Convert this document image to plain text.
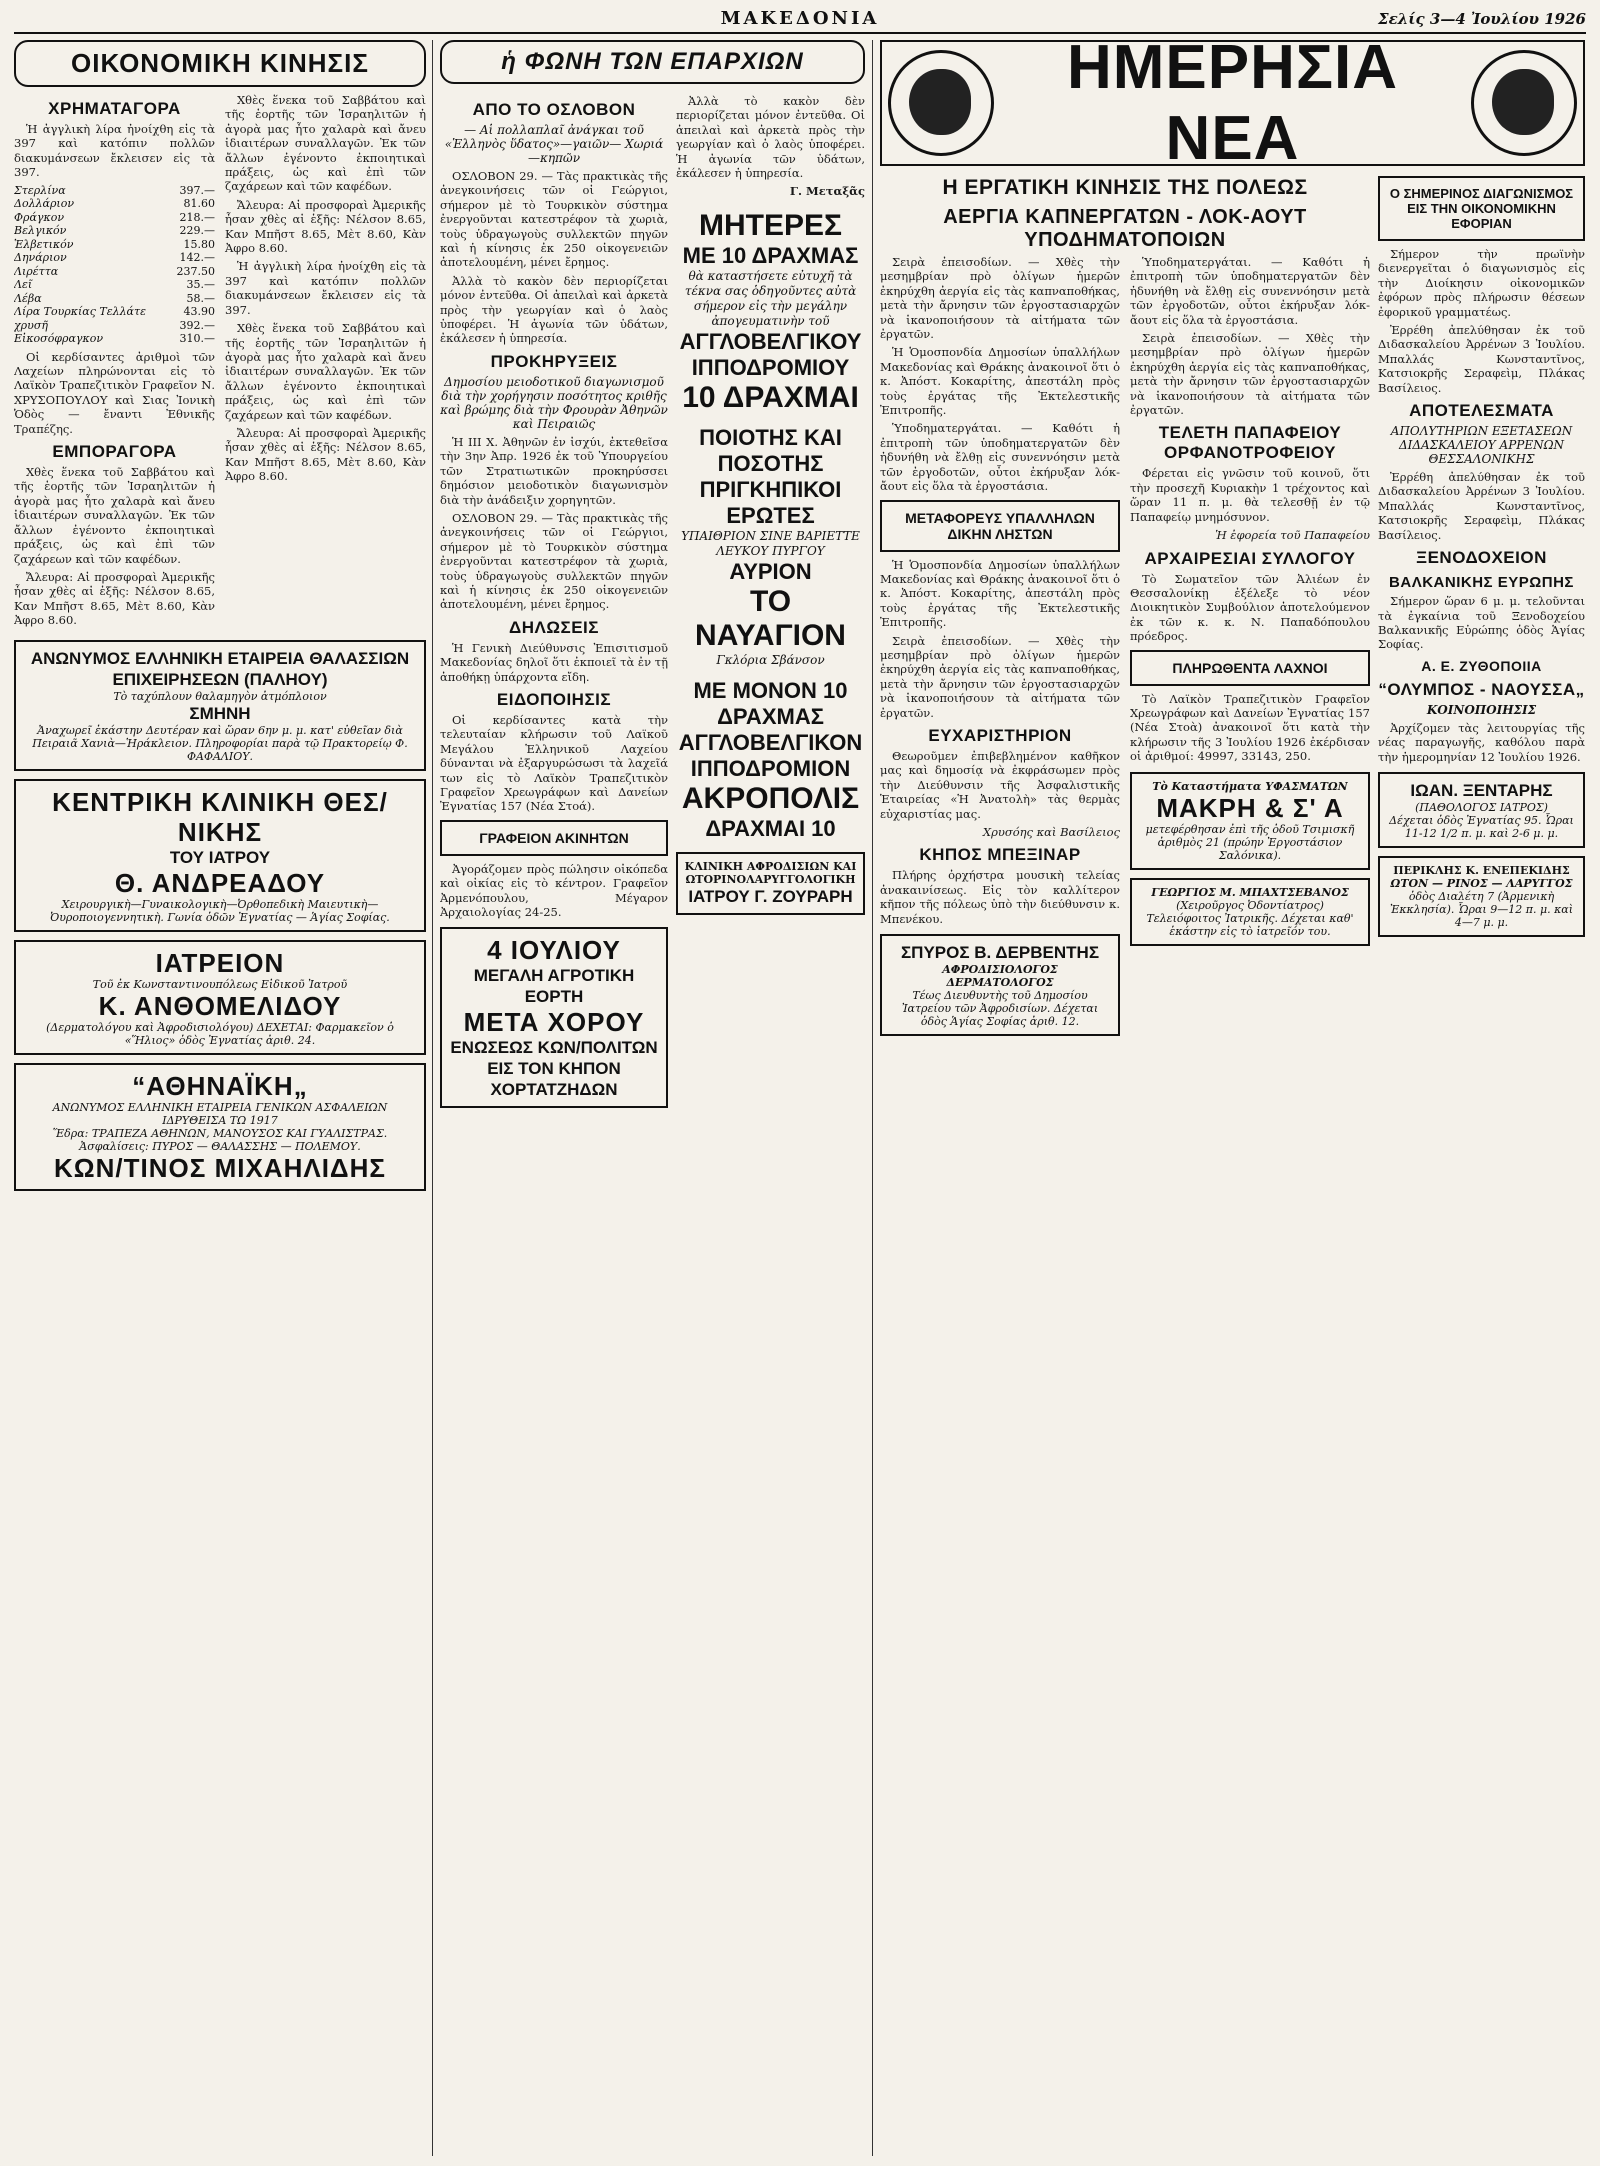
ΜΑΚΕΔΟΝΙΑ	Σελίς 3—4 Ἰουλίου 1926
ΟΙΚΟΝΟΜΙΚΗ ΚΙΝΗΣΙΣ
ΧΡΗΜΑΤΑΓΟΡΑ

Ἡ ἀγγλικὴ λίρα ἠνοίχθη εἰς τὰ 397 καὶ κατόπιν πολλῶν διακυμάνσεων ἔκλεισεν εἰς τὰ 397.

Στερλίνα	397.—
Δολλάριον	81.60
Φράγκον	218.—
Βελγικόν	229.—
Ἑλβετικόν	15.80
Δηνάριον	142.—
Λιρέττα	237.50
Λεῖ	35.—
Λέβα	58.—
Λίρα Τουρκίας Τελλάτε	43.90
χρυσῆ	392.—
Εἰκοσόφραγκον	310.—

Οἱ κερδίσαντες ἀριθμοὶ τῶν Λαχείων πληρώνονται εἰς τὸ Λαϊκὸν Τραπεζιτικὸν Γραφεῖον Ν. ΧΡΥΣΟΠΟΥΛΟΥ καὶ Σιας Ἰονικὴ Ὁδὸς — ἔναντι Ἐθνικῆς Τραπέζης.

ΕΜΠΟΡΑΓΟΡΑ

Χθὲς ἕνεκα τοῦ Σαββάτου καὶ τῆς ἑορτῆς τῶν Ἰσραηλιτῶν ἡ ἀγορὰ μας ἦτο χαλαρὰ καὶ ἄνευ ἰδιαιτέρων συναλλαγῶν. Ἐκ τῶν ἄλλων ἐγένοντο ἐκποιητικαὶ πράξεις, ὡς καὶ ἐπὶ τῶν ζαχάρεων καὶ τῶν καφέδων.

Ἄλευρα: Αἱ προσφοραὶ Ἀμερικῆς ἦσαν χθὲς αἱ ἑξῆς: Νέλσον 8.65, Καν Μπῆστ 8.65, Μὲτ 8.60, Κὰν Ἀφρο 8.60.

Χθὲς ἕνεκα τοῦ Σαββάτου καὶ τῆς ἑορτῆς τῶν Ἰσραηλιτῶν ἡ ἀγορὰ μας ἦτο χαλαρὰ καὶ ἄνευ ἰδιαιτέρων συναλλαγῶν. Ἐκ τῶν ἄλλων ἐγένοντο ἐκποιητικαὶ πράξεις, ὡς καὶ ἐπὶ τῶν ζαχάρεων καὶ τῶν καφέδων.

Ἄλευρα: Αἱ προσφοραὶ Ἀμερικῆς ἦσαν χθὲς αἱ ἑξῆς: Νέλσον 8.65, Καν Μπῆστ 8.65, Μὲτ 8.60, Κὰν Ἀφρο 8.60.

Ἡ ἀγγλικὴ λίρα ἠνοίχθη εἰς τὰ 397 καὶ κατόπιν πολλῶν διακυμάνσεων ἔκλεισεν εἰς τὰ 397.

Χθὲς ἕνεκα τοῦ Σαββάτου καὶ τῆς ἑορτῆς τῶν Ἰσραηλιτῶν ἡ ἀγορὰ μας ἦτο χαλαρὰ καὶ ἄνευ ἰδιαιτέρων συναλλαγῶν. Ἐκ τῶν ἄλλων ἐγένοντο ἐκποιητικαὶ πράξεις, ὡς καὶ ἐπὶ τῶν ζαχάρεων καὶ τῶν καφέδων.

Ἄλευρα: Αἱ προσφοραὶ Ἀμερικῆς ἦσαν χθὲς αἱ ἑξῆς: Νέλσον 8.65, Καν Μπῆστ 8.65, Μὲτ 8.60, Κὰν Ἀφρο 8.60.

ΑΝΩΝΥΜΟΣ ΕΛΛΗΝΙΚΗ ΕΤΑΙΡΕΙΑ ΘΑΛΑΣΣΙΩΝ ΕΠΙΧΕΙΡΗΣΕΩΝ (ΠΑΛΗΟΥ)
Τὸ ταχύπλουν θαλαμηγὸν ἀτμόπλοιον
ΣΜΗΝΗ
Ἀναχωρεῖ ἑκάστην Δευτέραν καὶ ὥραν 6ην μ. μ. κατ' εὐθεῖαν διὰ Πειραιᾶ Χανιὰ—Ἡράκλειον. Πληροφορίαι παρὰ τῷ Πρακτορείῳ Φ. ΦΑΦΑΛΙΟΥ.
ΚΕΝΤΡΙΚΗ ΚΛΙΝΙΚΗ ΘΕΣ/ΝΙΚΗΣ
ΤΟΥ ΙΑΤΡΟΥ
Θ. ΑΝΔΡΕΑΔΟΥ
Χειρουργικὴ—Γυναικολογικὴ—Ὀρθοπεδικὴ Μαιευτικὴ—Ὀυροποιογεννητικὴ. Γωνία ὁδῶν Ἐγνατίας — Ἁγίας Σοφίας.
ΙΑΤΡΕΙΟΝ
Τοῦ ἐκ Κωνσταντινουπόλεως Εἰδικοῦ Ἰατροῦ
Κ. ΑΝΘΟΜΕΛΙΔΟΥ
(Δερματολόγου καὶ Ἀφροδισιολόγου) ΔΕΧΕΤΑΙ: Φαρμακεῖον ὁ «Ἥλιος» ὁδὸς Ἐγνατίας ἀριθ. 24.
“ΑΘΗΝΑΪΚΗ„
ΑΝΩΝΥΜΟΣ ΕΛΛΗΝΙΚΗ ΕΤΑΙΡΕΙΑ ΓΕΝΙΚΩΝ ΑΣΦΑΛΕΙΩΝ ΙΔΡΥΘΕΙΣΑ ΤΩ 1917
Ἕδρα: ΤΡΑΠΕΖΑ ΑΘΗΝΩΝ, ΜΑΝΟΥΣΟΣ ΚΑΙ ΓΥΑΛΙΣΤΡΑΣ. Ἀσφαλίσεις: ΠΥΡΟΣ — ΘΑΛΑΣΣΗΣ — ΠΟΛΕΜΟΥ.
ΚΩΝ/ΤΙΝΟΣ ΜΙΧΑΗΛΙΔΗΣ
ἡ ΦΩΝΗ ΤΩΝ ΕΠΑΡΧΙΩΝ
ΑΠΟ ΤΟ ΟΣΛΟΒΟΝ
— Αἱ πολλαπλαῖ ἀνάγκαι τοῦ «Ἑλληνὸς ὕδατος»—γαιῶν— Χωριά—κηπῶν

ΟΣΛΟΒΟΝ 29. — Τὰς πρακτικὰς τῆς ἀνεγκοινήσεις τῶν οἱ Γεώργιοι, σήμερον μὲ τὸ Τουρκικὸν σύστημα ἐνεργοῦνται κατεστρέφον τὰ χωριὰ, τοὺς ὑδραγωγοὺς συλλεκτῶν πηγῶν καὶ ἡ κίνησις ἐκ 250 οἰκογενειῶν ἀποτελουμένη, μένει ἔρημος.

Ἀλλὰ τὸ κακὸν δὲν περιορίζεται μόνον ἐντεῦθα. Οἱ ἀπειλαὶ καὶ ἀρκετὰ πρὸς τὴν γεωργίαν καὶ ὁ λαὸς ὑποφέρει. Ἡ ἀγωνία τῶν ὑδάτων, ἐκάλεσεν ἡ ὑπηρεσία.

ΠΡΟΚΗΡΥΞΕΙΣ
Δημοσίου μειοδοτικοῦ διαγωνισμοῦ διὰ τὴν χορήγησιν ποσότητος κριθῆς καὶ βρώμης διὰ τὴν Φρουρὰν Ἀθηνῶν καὶ Πειραιῶς

Ἡ ΙΙΙ Χ. Ἀθηνῶν ἐν ἰσχύι, ἐκτεθεῖσα τὴν 3ην Ἀπρ. 1926 ἐκ τοῦ Ὑπουργείου τῶν Στρατιωτικῶν προκηρύσσει δημόσιον μειοδοτικὸν διαγωνισμὸν διὰ τὴν ἀνάδειξιν χορηγητῶν.

ΟΣΛΟΒΟΝ 29. — Τὰς πρακτικὰς τῆς ἀνεγκοινήσεις τῶν οἱ Γεώργιοι, σήμερον μὲ τὸ Τουρκικὸν σύστημα ἐνεργοῦνται κατεστρέφον τὰ χωριὰ, τοὺς ὑδραγωγοὺς συλλεκτῶν πηγῶν καὶ ἡ κίνησις ἐκ 250 οἰκογενειῶν ἀποτελουμένη, μένει ἔρημος.

ΔΗΛΩΣΕΙΣ

Ἡ Γενικὴ Διεύθυνσις Ἐπισιτισμοῦ Μακεδονίας δηλοῖ ὅτι ἐκποιεῖ τὰ ἐν τῇ ἀποθήκῃ ὑπάρχοντα εἴδη.

ΕΙΔΟΠΟΙΗΣΙΣ

Οἱ κερδίσαντες κατὰ τὴν τελευταίαν κλήρωσιν τοῦ Λαϊκοῦ Μεγάλου Ἑλληνικοῦ Λαχείου δύνανται νὰ ἐξαργυρώσωσι τὰ λαχεῖά των εἰς τὸ Λαϊκὸν Τραπεζιτικὸν Γραφεῖον Χρεωγράφων καὶ Δανείων Ἐγνατίας 157 (Νέα Στοά).

ΓΡΑΦΕΙΟΝ ΑΚΙΝΗΤΩΝ

Ἀγοράζομεν πρὸς πώλησιν οἰκόπεδα καὶ οἰκίας εἰς τὸ κέντρον. Γραφεῖον Ἀρμενόπουλου, Μέγαρον Ἀρχαιολογίας 24-25.

4 ΙΟΥΛΙΟΥ
ΜΕΓΑΛΗ ΑΓΡΟΤΙΚΗ ΕΟΡΤΗ
ΜΕΤΑ ΧΟΡΟΥ
ΕΝΩΣΕΩΣ ΚΩΝ/ΠΟΛΙΤΩΝ
ΕΙΣ ΤΟΝ ΚΗΠΟΝ ΧΟΡΤΑΤΖΗΔΩΝ

Ἀλλὰ τὸ κακὸν δὲν περιορίζεται μόνον ἐντεῦθα. Οἱ ἀπειλαὶ καὶ ἀρκετὰ πρὸς τὴν γεωργίαν καὶ ὁ λαὸς ὑποφέρει. Ἡ ἀγωνία τῶν ὑδάτων, ἐκάλεσεν ἡ ὑπηρεσία.

Γ. Μεταξᾶς

ΜΗΤΕΡΕΣ
ΜΕ 10 ΔΡΑΧΜΑΣ
θὰ καταστήσετε εὐτυχῆ τὰ τέκνα σας ὁδηγοῦντες αὐτὰ σήμερον εἰς τὴν μεγάλην ἀπογευματινὴν τοῦ
ΑΓΓΛΟΒΕΛΓΙΚΟΥ ΙΠΠΟΔΡΟΜΙΟΥ
10 ΔΡΑΧΜΑΙ
ΠΟΙΟΤΗΣ ΚΑΙ ΠΟΣΟΤΗΣ
ΠΡΙΓΚΗΠΙΚΟΙ ΕΡΩΤΕΣ
ΥΠΑΙΘΡΙΟΝ ΣΙΝΕ ΒΑΡΙΕΤΤΕ ΛΕΥΚΟΥ ΠΥΡΓΟΥ
ΑΥΡΙΟΝ
ΤΟ ΝΑΥΑΓΙΟΝ
Γκλόρια Σβάνσον
ΜΕ ΜΟΝΟΝ 10 ΔΡΑΧΜΑΣ
ΑΓΓΛΟΒΕΛΓΙΚΟΝ ΙΠΠΟΔΡΟΜΙΟΝ
ΑΚΡΟΠΟΛΙΣ
ΔΡΑΧΜΑΙ 10
ΚΛΙΝΙΚΗ ΑΦΡΟΔΙΣΙΩΝ ΚΑΙ ΩΤΟΡΙΝΟΛΑΡΥΓΓΟΛΟΓΙΚΗ
ΙΑΤΡΟΥ Γ. ΖΟΥΡΑΡΗ
ΗΜΕΡΗΣΙΑ ΝΕΑ
Η ΕΡΓΑΤΙΚΗ ΚΙΝΗΣΙΣ ΤΗΣ ΠΟΛΕΩΣ
ΑΕΡΓΙΑ ΚΑΠΝΕΡΓΑΤΩΝ - ΛΟΚ-ΑΟΥΤ ΥΠΟΔΗΜΑΤΟΠΟΙΩΝ

Σειρὰ ἐπεισοδίων. — Χθὲς τὴν μεσημβρίαν πρὸ ὀλίγων ἡμερῶν ἐκηρύχθη ἀεργία εἰς τὰς καπναποθήκας, μετὰ τὴν ἄρνησιν τῶν ἐργοστασιαρχῶν νὰ ἱκανοποιήσουν τὰ αἰτήματα τῶν ἐργατῶν.

Ἡ Ὁμοσπονδία Δημοσίων ὑπαλλήλων Μακεδονίας καὶ Θράκης ἀνακοινοῖ ὅτι ὁ κ. Ἀπόστ. Κοκαρίτης, ἀπεστάλη πρὸς τοὺς ἐργάτας τῆς Ἐκτελεστικῆς Ἐπιτροπῆς.

Ὑποδηματεργάται. — Καθότι ἡ ἐπιτροπὴ τῶν ὑποδηματεργατῶν δὲν ἠδυνήθη νὰ ἔλθῃ εἰς συνεννόησιν μετὰ τῶν ἐργοδοτῶν, οὗτοι ἐκήρυξαν λόκ-ἄουτ εἰς ὅλα τὰ ἐργοστάσια.

ΜΕΤΑΦΟΡΕΥΣ ΥΠΑΛΛΗΛΩΝ ΔΙΚΗΝ ΛΗΣΤΩΝ

Ἡ Ὁμοσπονδία Δημοσίων ὑπαλλήλων Μακεδονίας καὶ Θράκης ἀνακοινοῖ ὅτι ὁ κ. Ἀπόστ. Κοκαρίτης, ἀπεστάλη πρὸς τοὺς ἐργάτας τῆς Ἐκτελεστικῆς Ἐπιτροπῆς.

Σειρὰ ἐπεισοδίων. — Χθὲς τὴν μεσημβρίαν πρὸ ὀλίγων ἡμερῶν ἐκηρύχθη ἀεργία εἰς τὰς καπναποθήκας, μετὰ τὴν ἄρνησιν τῶν ἐργοστασιαρχῶν νὰ ἱκανοποιήσουν τὰ αἰτήματα τῶν ἐργατῶν.

ΕΥΧΑΡΙΣΤΗΡΙΟΝ

Θεωροῦμεν ἐπιβεβλημένον καθῆκον μας καὶ δημοσίᾳ νὰ ἐκφράσωμεν πρὸς τὴν Διεύθυνσιν τῆς Ἀσφαλιστικῆς Ἑταιρείας «Ἡ Ἀνατολὴ» τὰς θερμὰς εὐχαριστίας μας.

Χρυσόης καὶ Βασίλειος

ΚΗΠΟΣ ΜΠΕΞΙΝΑΡ

Πλήρης ὀρχήστρα μουσικὴ τελείας ἀνακαινίσεως. Εἰς τὸν καλλίτερον κῆπον τῆς πόλεως ὑπὸ τὴν διεύθυνσιν κ. Μπενέκου.

ΣΠΥΡΟΣ Β. ΔΕΡΒΕΝΤΗΣ
ΑΦΡΟΔΙΣΙΟΛΟΓΟΣ ΔΕΡΜΑΤΟΛΟΓΟΣ
Τέως Διευθυντὴς τοῦ Δημοσίου Ἰατρείου τῶν Ἀφροδισίων. Δέχεται ὁδὸς Ἁγίας Σοφίας ἀριθ. 12.

Ὑποδηματεργάται. — Καθότι ἡ ἐπιτροπὴ τῶν ὑποδηματεργατῶν δὲν ἠδυνήθη νὰ ἔλθῃ εἰς συνεννόησιν μετὰ τῶν ἐργοδοτῶν, οὗτοι ἐκήρυξαν λόκ-ἄουτ εἰς ὅλα τὰ ἐργοστάσια.

Σειρὰ ἐπεισοδίων. — Χθὲς τὴν μεσημβρίαν πρὸ ὀλίγων ἡμερῶν ἐκηρύχθη ἀεργία εἰς τὰς καπναποθήκας, μετὰ τὴν ἄρνησιν τῶν ἐργοστασιαρχῶν νὰ ἱκανοποιήσουν τὰ αἰτήματα τῶν ἐργατῶν.

ΤΕΛΕΤΗ ΠΑΠΑΦΕΙΟΥ ΟΡΦΑΝΟΤΡΟΦΕΙΟΥ

Φέρεται εἰς γνῶσιν τοῦ κοινοῦ, ὅτι τὴν προσεχῆ Κυριακὴν 1 τρέχοντος καὶ ὥραν 11 π. μ. θὰ τελεσθῇ ἐν τῷ Παπαφείῳ μνημόσυνον.

Ἡ ἐφορεία τοῦ Παπαφείου

ΑΡΧΑΙΡΕΣΙΑΙ ΣΥΛΛΟΓΟΥ

Τὸ Σωματεῖον τῶν Ἀλιέων ἐν Θεσσαλονίκῃ ἐξέλεξε τὸ νέον Διοικητικὸν Συμβούλιον ἀποτελούμενον ἐκ τῶν κ. κ. Ν. Παπαδόπουλου πρόεδρος.

ΠΛΗΡΩΘΕΝΤΑ ΛΑΧΝΟΙ

Τὸ Λαϊκὸν Τραπεζιτικὸν Γραφεῖον Χρεωγράφων καὶ Δανείων Ἐγνατίας 157 (Νέα Στοὰ) ἀνακοινοῖ ὅτι κατὰ τὴν κλήρωσιν τῆς 3 Ἰουλίου 1926 ἐκέρδισαν οἱ ἀριθμοί: 49997, 33143, 250.

Τὸ Καταστήματα ΥΦΑΣΜΑΤΩΝ
ΜΑΚΡΗ & Σ' Α
μετεφέρθησαν ἐπὶ τῆς ὁδοῦ Τσιμισκῆ ἀριθμὸς 21 (πρώην Ἐργοστάσιον Σαλόνικα).
ΓΕΩΡΓΙΟΣ Μ. ΜΠΑΧΤΣΕΒΑΝΟΣ
(Χειροῦργος Ὀδοντίατρος)
Τελειόφοιτος Ἰατρικῆς. Δέχεται καθ' ἑκάστην εἰς τὸ ἰατρεῖόν του.
Ο ΣΗΜΕΡΙΝΟΣ ΔΙΑΓΩΝΙΣΜΟΣ ΕΙΣ ΤΗΝ ΟΙΚΟΝΟΜΙΚΗΝ ΕΦΟΡΙΑΝ

Σήμερον τὴν πρωϊνὴν διενεργεῖται ὁ διαγωνισμὸς εἰς τὴν Διοίκησιν οἰκονομικῶν ἐφόρων πρὸς πλήρωσιν θέσεων ἐφορικοῦ γραμματέως.

Ἐρρέθη ἀπελύθησαν ἐκ τοῦ Διδασκαλείου Ἀρρένων 3 Ἰουλίου. Μπαλλάς Κωνσταντῖνος, Κατσιοκρῆς Σεραφεὶμ, Πλάκας Βασίλειος.

ΑΠΟΤΕΛΕΣΜΑΤΑ
ΑΠΟΛΥΤΗΡΙΩΝ ΕΞΕΤΑΣΕΩΝ ΔΙΔΑΣΚΑΛΕΙΟΥ ΑΡΡΕΝΩΝ ΘΕΣΣΑΛΟΝΙΚΗΣ

Ἐρρέθη ἀπελύθησαν ἐκ τοῦ Διδασκαλείου Ἀρρένων 3 Ἰουλίου. Μπαλλάς Κωνσταντῖνος, Κατσιοκρῆς Σεραφεὶμ, Πλάκας Βασίλειος.

ΞΕΝΟΔΟΧΕΙΟΝ
ΒΑΛΚΑΝΙΚΗΣ ΕΥΡΩΠΗΣ

Σήμερον ὥραν 6 μ. μ. τελοῦνται τὰ ἐγκαίνια τοῦ Ξενοδοχείου Βαλκανικῆς Εὐρώπης ὁδὸς Ἁγίας Σοφίας.

Α. Ε. ΖΥΘΟΠΟΙΙΑ
“ΟΛΥΜΠΟΣ - ΝΑΟΥΣΣΑ„
ΚΟΙΝΟΠΟΙΗΣΙΣ

Ἀρχίζομεν τὰς λειτουργίας τῆς νέας παραγωγῆς, καθόλου παρὰ τὴν ἡμερομηνίαν 12 Ἰουλίου 1926.

ΙΩΑΝ. ΞΕΝΤΑΡΗΣ
(ΠΑΘΟΛΟΓΟΣ ΙΑΤΡΟΣ)
Δέχεται ὁδὸς Ἐγνατίας 95. Ὧραι 11-12 1/2 π. μ. καὶ 2-6 μ. μ.
ΠΕΡΙΚΛΗΣ Κ. ΕΝΕΠΕΚΙΔΗΣ
ΩΤΟΝ — ΡΙΝΟΣ — ΛΑΡΥΓΓΟΣ
ὁδὸς Διαλέτη 7 (Ἀρμενικὴ Ἐκκλησία). Ὧραι 9—12 π. μ. καὶ 4—7 μ. μ.
